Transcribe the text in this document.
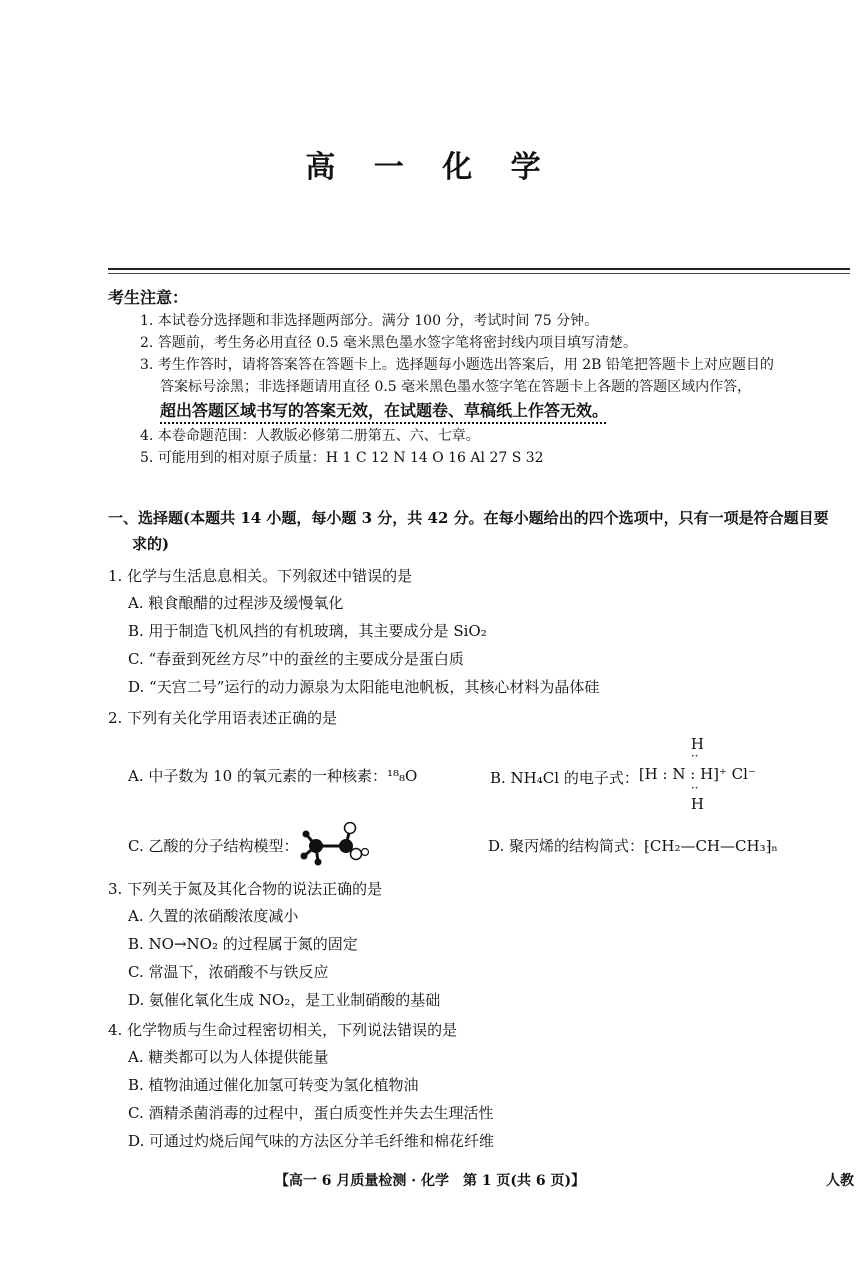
高 一 化 学
考生注意：

1. 本试卷分选择题和非选择题两部分。满分 100 分，考试时间 75 分钟。

2. 答题前，考生务必用直径 0.5 毫米黑色墨水签字笔将密封线内项目填写清楚。

3. 考生作答时，请将答案答在答题卡上。选择题每小题选出答案后，用 2B 铅笔把答题卡上对应题目的

答案标号涂黑；非选择题请用直径 0.5 毫米黑色墨水签字笔在答题卡上各题的答题区域内作答，

超出答题区域书写的答案无效，在试题卷、草稿纸上作答无效。

4. 本卷命题范围：人教版必修第二册第五、六、七章。

5. 可能用到的相对原子质量：H 1 C 12 N 14 O 16 Al 27 S 32

一、选择题(本题共 14 小题，每小题 3 分，共 42 分。在每小题给出的四个选项中，只有一项是符合题目要
求的)
1. 化学与生活息息相关。下列叙述中错误的是
A. 粮食酿醋的过程涉及缓慢氧化
B. 用于制造飞机风挡的有机玻璃，其主要成分是 SiO₂
C. “春蚕到死丝方尽”中的蚕丝的主要成分是蛋白质
D. “天宫二号”运行的动力源泉为太阳能电池帆板，其核心材料为晶体硅
2. 下列有关化学用语表述正确的是
A. 中子数为 10 的氧元素的一种核素：¹⁸₈O	B. NH₄Cl 的电子式：
H
··
[H : N : H]⁺ Cl⁻
··
H
C. 乙酸的分子结构模型：	D. 聚丙烯的结构简式：⁅CH₂—CH—CH₃⁆ₙ
3. 下列关于氮及其化合物的说法正确的是
A. 久置的浓硝酸浓度减小
B. NO→NO₂ 的过程属于氮的固定
C. 常温下，浓硝酸不与铁反应
D. 氨催化氧化生成 NO₂，是工业制硝酸的基础
4. 化学物质与生命过程密切相关，下列说法错误的是
A. 糖类都可以为人体提供能量
B. 植物油通过催化加氢可转变为氢化植物油
C. 酒精杀菌消毒的过程中，蛋白质变性并失去生理活性
D. 可通过灼烧后闻气味的方法区分羊毛纤维和棉花纤维
【高一 6 月质量检测 · 化学　第 1 页(共 6 页)】	人教
